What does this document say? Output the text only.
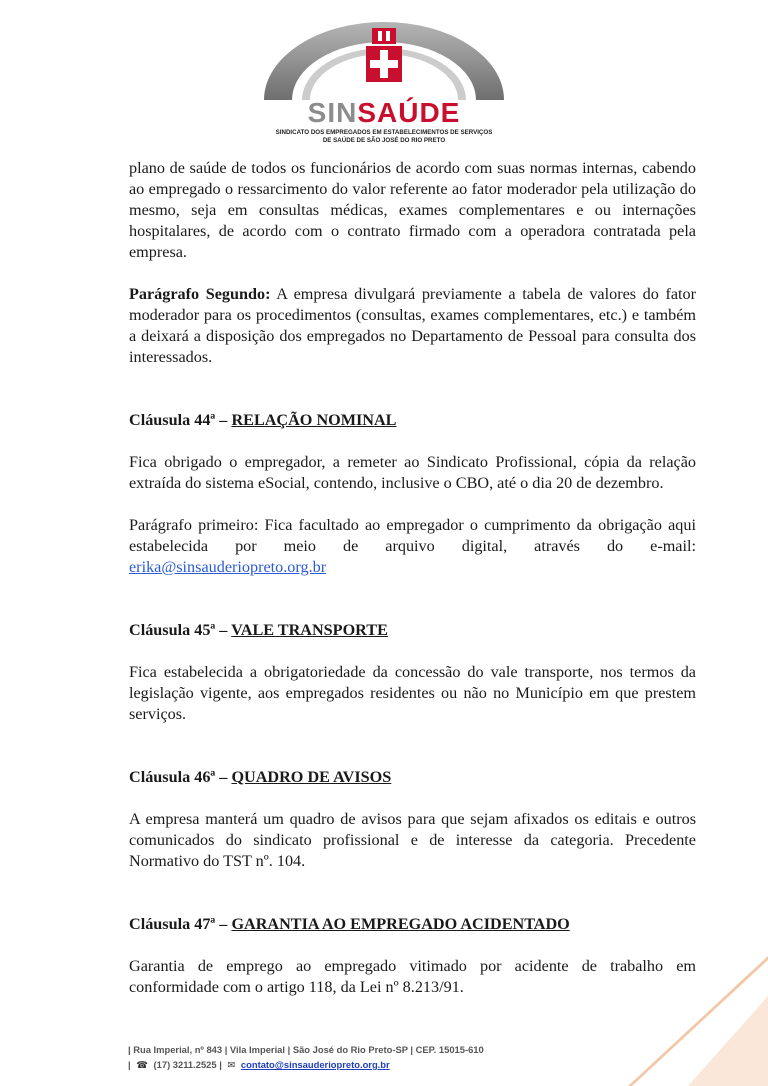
SINSAÚDE
SINDICATO DOS EMPREGADOS EM ESTABELECIMENTOS DE SERVIÇOS
DE SAÚDE DE SÃO JOSÉ DO RIO PRETO

plano de saúde de todos os funcionários de acordo com suas normas internas, cabendo ao empregado o ressarcimento do valor referente ao fator moderador pela utilização do mesmo, seja em consultas médicas, exames complementares e ou internações hospitalares, de acordo com o contrato firmado com a operadora contratada pela empresa.

Parágrafo Segundo: A empresa divulgará previamente a tabela de valores do fator moderador para os procedimentos (consultas, exames complementares, etc.) e também a deixará a disposição dos empregados no Departamento de Pessoal para consulta dos interessados.

Cláusula 44ª – RELAÇÃO NOMINAL

Fica obrigado o empregador, a remeter ao Sindicato Profissional, cópia da relação extraída do sistema eSocial, contendo, inclusive o CBO, até o dia 20 de dezembro.

Parágrafo primeiro: Fica facultado ao empregador o cumprimento da obrigação aqui estabelecida por meio de arquivo digital, através do e-mail: erika@sinsauderiopreto.org.br

Cláusula 45ª – VALE TRANSPORTE

Fica estabelecida a obrigatoriedade da concessão do vale transporte, nos termos da legislação vigente, aos empregados residentes ou não no Município em que prestem serviços.

Cláusula 46ª – QUADRO DE AVISOS

A empresa manterá um quadro de avisos para que sejam afixados os editais e outros comunicados do sindicato profissional e de interesse da categoria. Precedente Normativo do TST nº. 104.

Cláusula 47ª – GARANTIA AO EMPREGADO ACIDENTADO

Garantia de emprego ao empregado vitimado por acidente de trabalho em conformidade com o artigo 118, da Lei nº 8.213/91.

| Rua Imperial, nº 843 | Vila Imperial | São José do Rio Preto-SP | CEP. 15015-610
| ☎ (17) 3211.2525 | ✉ contato@sinsauderiopreto.org.br
